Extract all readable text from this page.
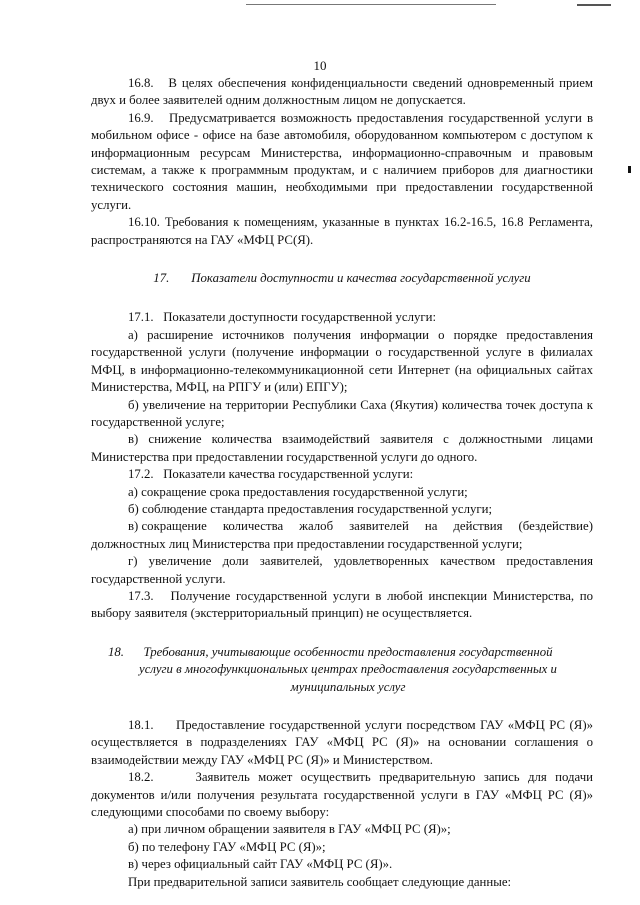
10

16.8.   В целях обеспечения конфиденциальности сведений одновременный прием двух и более заявителей одним должностным лицом не допускается.

16.9.   Предусматривается возможность предоставления государственной услуги в мобильном офисе - офисе на базе автомобиля, оборудованном компьютером с доступом к информационным ресурсам Министерства, информационно-справочным и правовым системам, а также к программным продуктам, и с наличием приборов для диагностики технического состояния машин, необходимыми при предоставлении государственной услуги.

16.10. Требования к помещениям, указанные в пунктах 16.2-16.5, 16.8 Регламента, распространяются на ГАУ «МФЦ РС(Я).

17. Показатели доступности и качества государственной услуги

17.1.   Показатели доступности государственной услуги:

а) расширение источников получения информации о порядке предоставления государственной услуги (получение информации о государственной услуге в филиалах МФЦ, в информационно-телекоммуникационной сети Интернет (на официальных сайтах Министерства, МФЦ, на РПГУ и (или) ЕПГУ);

б) увеличение на территории Республики Саха (Якутия) количества точек доступа к государственной услуге;

в) снижение количества взаимодействий заявителя с должностными лицами Министерства при предоставлении государственной услуги до одного.

17.2.   Показатели качества государственной услуги:

а) сокращение срока предоставления государственной услуги;

б) соблюдение стандарта предоставления государственной услуги;

в) сокращение количества жалоб заявителей на действия (бездействие)

должностных лиц Министерства при предоставлении государственной услуги;

г) увеличение доли заявителей, удовлетворенных качеством предоставления государственной услуги.

17.3.   Получение государственной услуги в любой инспекции Министерства, по выбору заявителя (экстерриториальный принцип) не осуществляется.

18.	Требования, учитывающие особенности предоставления государственной
услуги в многофункциональных центрах предоставления государственных и
муниципальных услуг

18.1.     Предоставление государственной услуги посредством ГАУ «МФЦ РС (Я)» осуществляется в подразделениях ГАУ «МФЦ РС (Я)» на основании соглашения о взаимодействии между ГАУ «МФЦ РС (Я)» и Министерством.

18.2.     Заявитель может осуществить предварительную запись для подачи документов и/или получения результата государственной услуги в ГАУ «МФЦ РС (Я)» следующими способами по своему выбору:

а) при личном обращении заявителя в ГАУ «МФЦ РС (Я)»;

б) по телефону ГАУ «МФЦ РС (Я)»;

в) через официальный сайт ГАУ «МФЦ РС (Я)».

При предварительной записи заявитель сообщает следующие данные:
